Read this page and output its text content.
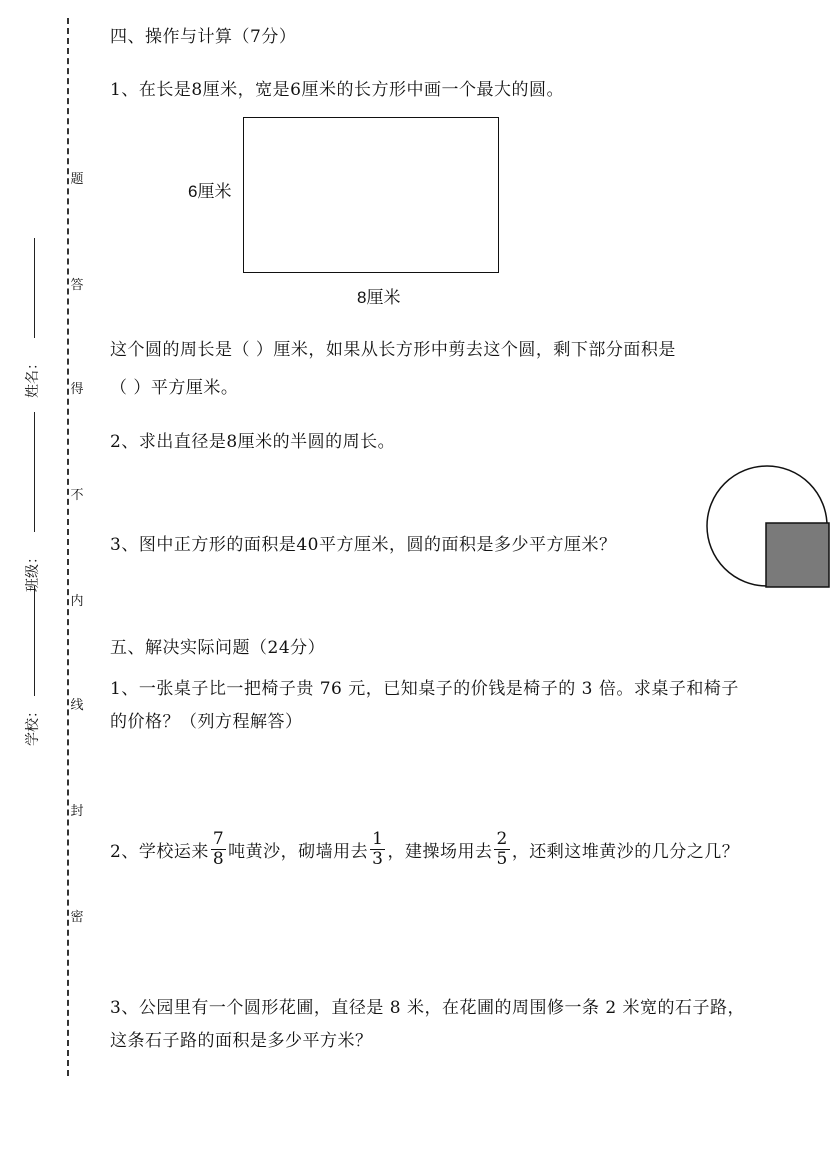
题
答
得
不
内
线
封
密
姓名：
班级：
学校：
四、操作与计算（7分）
1、在长是8厘米，宽是6厘米的长方形中画一个最大的圆。
6厘米
8厘米
这个圆的周长是（ ）厘米，如果从长方形中剪去这个圆，剩下部分面积是
（ ）平方厘米。
2、求出直径是8厘米的半圆的周长。
3、图中正方形的面积是40平方厘米，圆的面积是多少平方厘米？
五、解决实际问题（24分）
1、一张桌子比一把椅子贵 76 元，已知桌子的价钱是椅子的 3 倍。求桌子和椅子
的价格？（列方程解答）
2、学校运来 $\frac{7}{8}$ 吨黄沙，砌墙用去 $\frac{1}{3}$ ，建操场用去 $\frac{2}{5}$ ，还剩这堆黄沙的几分之几？
3、公园里有一个圆形花圃，直径是 8 米，在花圃的周围修一条 2 米宽的石子路，
这条石子路的面积是多少平方米？
